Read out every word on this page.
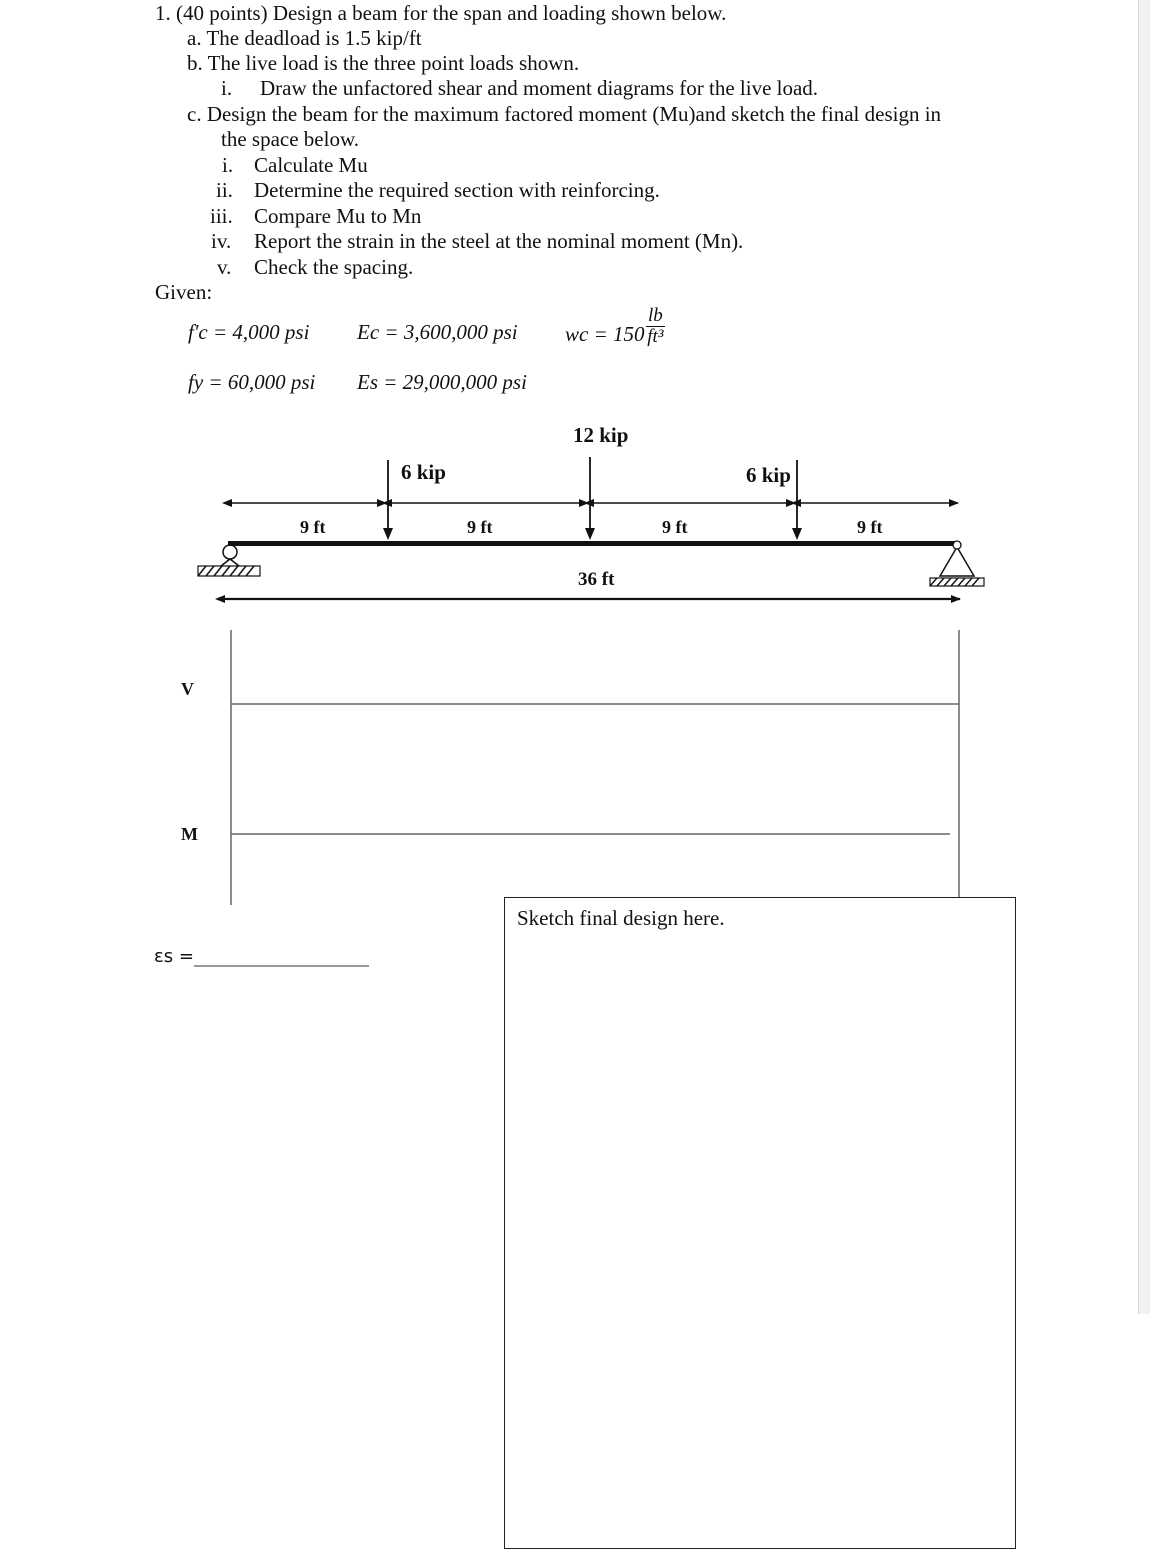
1. (40 points) Design a beam for the span and loading shown below.
a. The deadload is 1.5 kip/ft
b. The live load is the three point loads shown.
i. Draw the unfactored shear and moment diagrams for the live load.
c. Design the beam for the maximum factored moment (Mu)and sketch the final design in
the space below.
i. Calculate Mu
ii. Determine the required section with reinforcing.
iii. Compare Mu to Mn
iv. Report the strain in the steel at the nominal moment (Mn).
v. Check the spacing.
Given:
f′c = 4,000 psi Ec = 3,600,000 psi wc = $150 \frac{lb}{\text{ft³}}$
fy = 60,000 psi Es = 29,000,000 psi
6 kip
12 kip
6 kip
9 ft	9 ft	9 ft	9 ft
36 ft
V
M
εs =
Sketch final design here.
